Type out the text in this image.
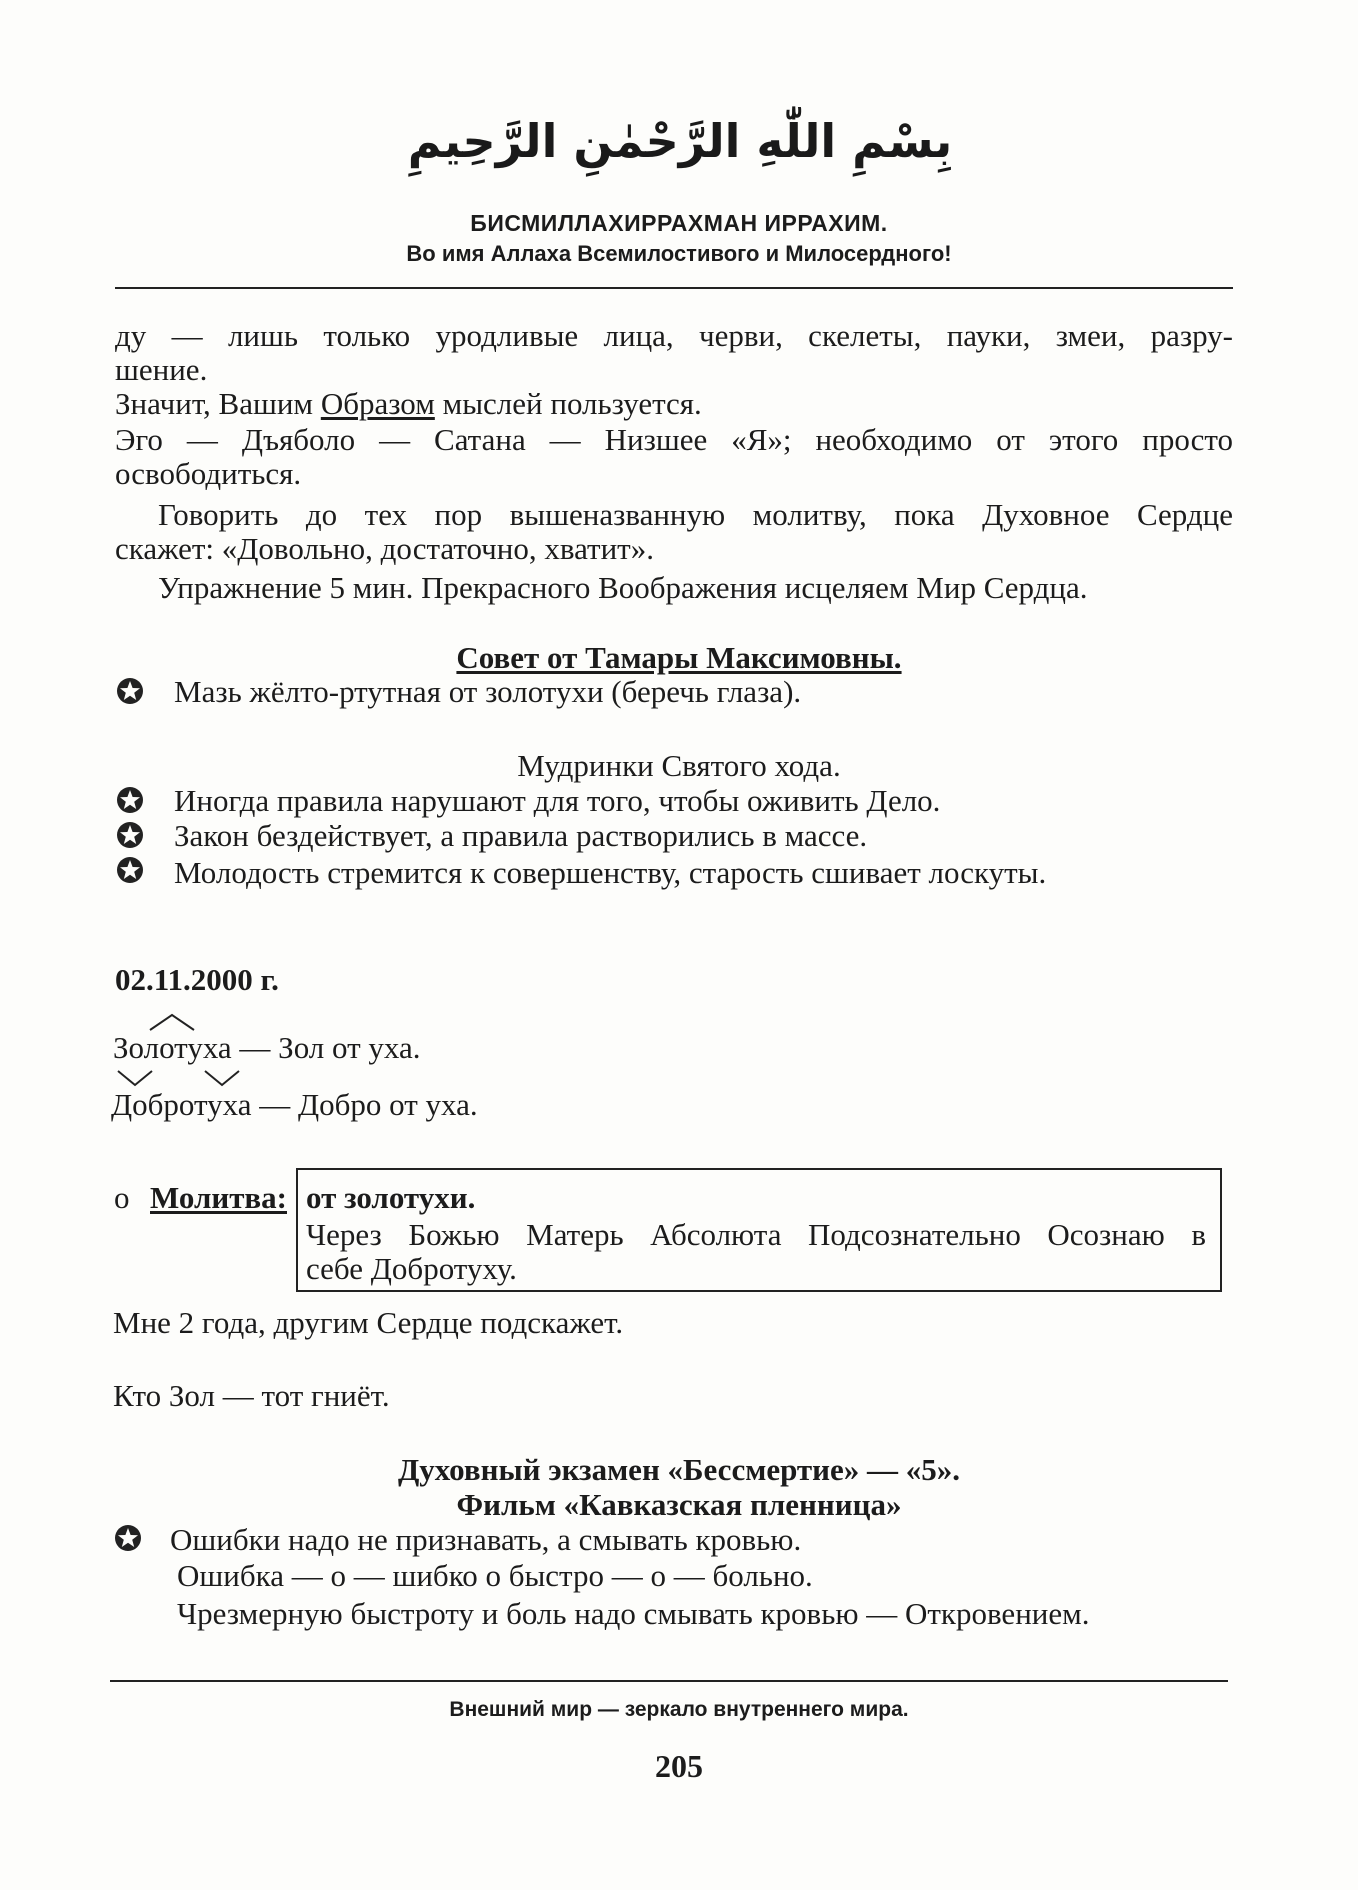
بِسْمِ اللّٰهِ الرَّحْمٰنِ الرَّحِيمِ
БИСМИЛЛАХИРРАХМАН ИРРАХИМ.
Во имя Аллаха Всемилостивого и Милосердного!
ду — лишь только уродливые лица, черви, скелеты, пауки, змеи, разру-
шение.
Значит, Вашим Образом мыслей пользуется.
Эго — Дъяболо — Сатана — Низшее «Я»; необходимо от этого просто
освободиться.
Говорить до тех пор вышеназванную молитву, пока Духовное Сердце
скажет: «Довольно, достаточно, хватит».
Упражнение 5 мин. Прекрасного Воображения исцеляем Мир Сердца.
Совет от Тамары Максимовны.
Мазь жёлто-ртутная от золотухи (беречь глаза).
Мудринки Святого хода.
Иногда правила нарушают для того, чтобы оживить Дело.
Закон бездействует, а правила растворились в массе.
Молодость стремится к совершенству, старость сшивает лоскуты.
02.11.2000 г.
Золотуха — Зол от уха.
Добротуха — Добро от уха.
о Молитва: от золотухи.
Через Божью Матерь Абсолюта Подсознательно Осознаю в
себе Добротуху.
Мне 2 года, другим Сердце подскажет.
Кто Зол — тот гниёт.
Духовный экзамен «Бессмертие» — «5».
Фильм «Кавказская пленница»
Ошибки надо не признавать, а смывать кровью.
Ошибка — о — шибко о быстро — о — больно.
Чрезмерную быстроту и боль надо смывать кровью — Откровением.
Внешний мир — зеркало внутреннего мира.
205
